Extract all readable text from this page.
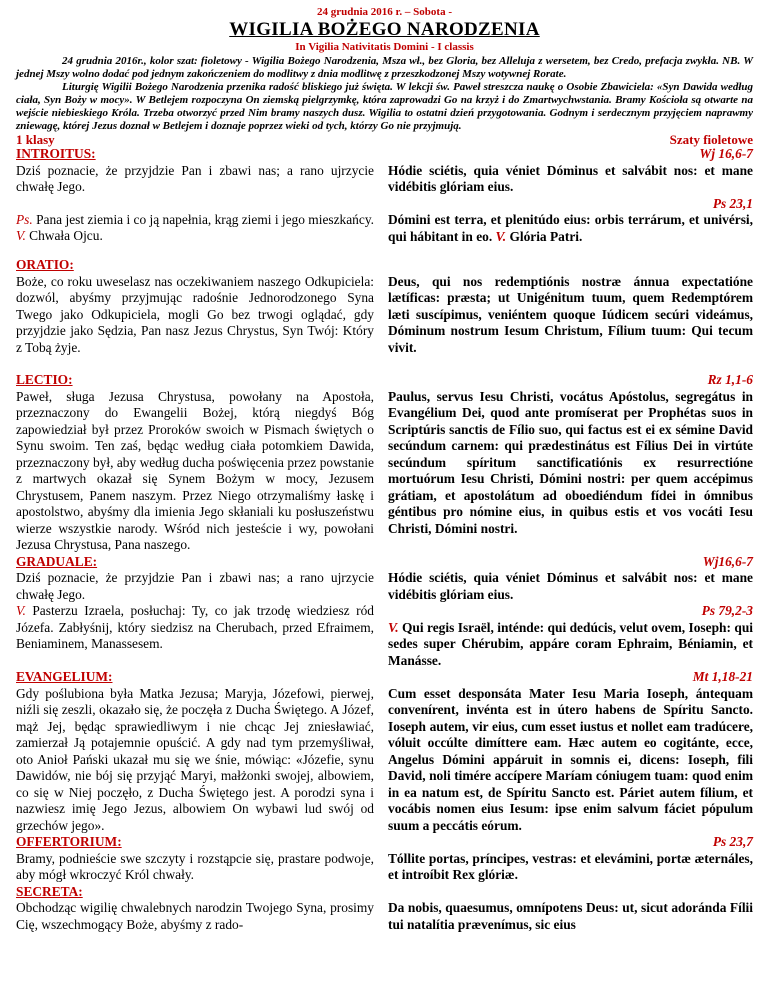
24 grudnia 2016 r. – Sobota -
WIGILIA BOŻEGO NARODZENIA
In Vigilia Nativitatis Domini - I classis

24 grudnia 2016r., kolor szat: fioletowy - Wigilia Bożego Narodzenia, Msza wł., bez Gloria, bez Alleluja z wersetem, bez Credo, prefacja zwykła. NB. W jednej Mszy wolno dodać pod jednym zakończeniem do modlitwy z dnia modlitwę z przeszkodzonej Mszy wotywnej Rorate.

Liturgię Wigilii Bożego Narodzenia przenika radość bliskiego już święta. W lekcji św. Paweł streszcza naukę o Osobie Zbawiciela: «Syn Dawida według ciała, Syn Boży w mocy». W Betlejem rozpoczyna On ziemską pielgrzymkę, która zaprowadzi Go na krzyż i do Zmartwychwstania. Bramy Kościoła są otwarte na wejście niebieskiego Króla. Trzeba otworzyć przed Nim bramy naszych dusz. Wigilia to ostatni dzień przygotowania. Godnym i serdecznym przyjęciem naprawmy zniewagę, której Jezus doznał w Betlejem i doznaje poprzez wieki od tych, którzy Go nie przyjmują.

1 klasy	Szaty fioletowe
INTROITUS:	Wj 16,6-7

Dziś poznacie, że przyjdzie Pan i zbawi nas; a rano ujrzycie chwałę Jego.

Hódie sciétis, quia véniet Dóminus et salvábit nos: et mane vidébitis glóriam eius.

Ps. Pana jest ziemia i co ją napełnia, krąg ziemi i jego mieszkańcy. V. Chwała Ojcu.

Ps 23,1

Dómini est terra, et plenitúdo eius: orbis terrárum, et univérsi, qui hábitant in eo. V. Glória Patri.

ORATIO:

Boże, co roku uweselasz nas oczekiwaniem naszego Odkupiciela: dozwól, abyśmy przyjmując radośnie Jednorodzonego Syna Twego jako Odkupiciela, mogli Go bez trwogi oglądać, gdy przyjdzie jako Sędzia, Pan nasz Jezus Chrystus, Syn Twój: Który z Tobą żyje.

Deus, qui nos redemptiónis nostræ ánnua expectatióne lætíficas: præsta; ut Unigénitum tuum, quem Redemptórem læti suscípimus, veniéntem quoque Iúdicem secúri videámus, Dóminum nostrum Iesum Christum, Fílium tuum: Qui tecum vivit.

LECTIO:	Rz 1,1-6

Paweł, sługa Jezusa Chrystusa, powołany na Apostoła, przeznaczony do Ewangelii Bożej, którą niegdyś Bóg zapowiedział był przez Proroków swoich w Pismach świętych o Synu swoim. Ten zaś, będąc według ciała potomkiem Dawida, przeznaczony był, aby według ducha poświęcenia przez powstanie z martwych okazał się Synem Bożym w mocy, Jezusem Chrystusem, Panem naszym. Przez Niego otrzymaliśmy łaskę i apostolstwo, abyśmy dla imienia Jego skłaniali ku posłuszeństwu wierze wszystkie narody. Wśród nich jesteście i wy, powołani Jezusa Chrystusa, Pana naszego.

Paulus, servus Iesu Christi, vocátus Apóstolus, segregátus in Evangélium Dei, quod ante promíserat per Prophétas suos in Scriptúris sanctis de Fílio suo, qui factus est ei ex sémine David secúndum carnem: qui prædestinátus est Fílius Dei in virtúte secúndum spíritum sanctificatiónis ex resurrectióne mortuórum Iesu Christi, Dómini nostri: per quem accépimus grátiam, et apostolátum ad oboediéndum fídei in ómnibus géntibus pro nómine eius, in quibus estis et vos vocáti Iesu Christi, Dómini nostri.

GRADUALE:	Wj16,6-7

Dziś poznacie, że przyjdzie Pan i zbawi nas; a rano ujrzycie chwałę Jego.

V. Pasterzu Izraela, posłuchaj: Ty, co jak trzodę wiedziesz ród Józefa. Zabłyśnij, który siedzisz na Cherubach, przed Efraimem, Beniaminem, Manassesem.

Hódie sciétis, quia véniet Dóminus et salvábit nos: et mane vidébitis glóriam eius.

Ps 79,2-3

V. Qui regis Israël, inténde: qui dedúcis, velut ovem, Ioseph: qui sedes super Chérubim, appáre coram Ephraim, Béniamin, et Manásse.

EVANGELIUM:	Mt 1,18-21

Gdy poślubiona była Matka Jezusa; Maryja, Józefowi, pierwej, niźli się zeszli, okazało się, że poczęła z Ducha Świętego. A Józef, mąż Jej, będąc sprawiedliwym i nie chcąc Jej zniesławiać, zamierzał Ją potajemnie opuścić. A gdy nad tym przemyśliwał, oto Anioł Pański ukazał mu się we śnie, mówiąc: «Józefie, synu Dawidów, nie bój się przyjąć Maryi, małżonki swojej, albowiem, co się w Niej poczęło, z Ducha Świętego jest. A porodzi syna i nazwiesz imię Jego Jezus, albowiem On wybawi lud swój od grzechów jego».

Cum esset desponsáta Mater Iesu Maria Ioseph, ántequam convenírent, invénta est in útero habens de Spíritu Sancto. Ioseph autem, vir eius, cum esset iustus et nollet eam tradúcere, vóluit occúlte dimíttere eam. Hæc autem eo cogitánte, ecce, Angelus Dómini appáruit in somnis ei, dicens: Ioseph, fili David, noli timére accípere Maríam cóniugem tuam: quod enim in ea natum est, de Spíritu Sancto est. Páriet autem fílium, et vocábis nomen eius Iesum: ipse enim salvum fáciet pópulum suum a peccátis eórum.

OFFERTORIUM:

Bramy, podnieście swe szczyty i rozstąpcie się, prastare podwoje, aby mógł wkroczyć Król chwały.

Ps 23,7

Tóllite portas, príncipes, vestras: et elevámini, portæ æternáles, et introíbit Rex glóriæ.

SECRETA:

Obchodząc wigilię chwalebnych narodzin Twojego Syna, prosimy Cię, wszechmogący Boże, abyśmy z rado-

Da nobis, quaesumus, omnípotens Deus: ut, sicut adoránda Fílii tui natalítia prævenímus, sic eius
